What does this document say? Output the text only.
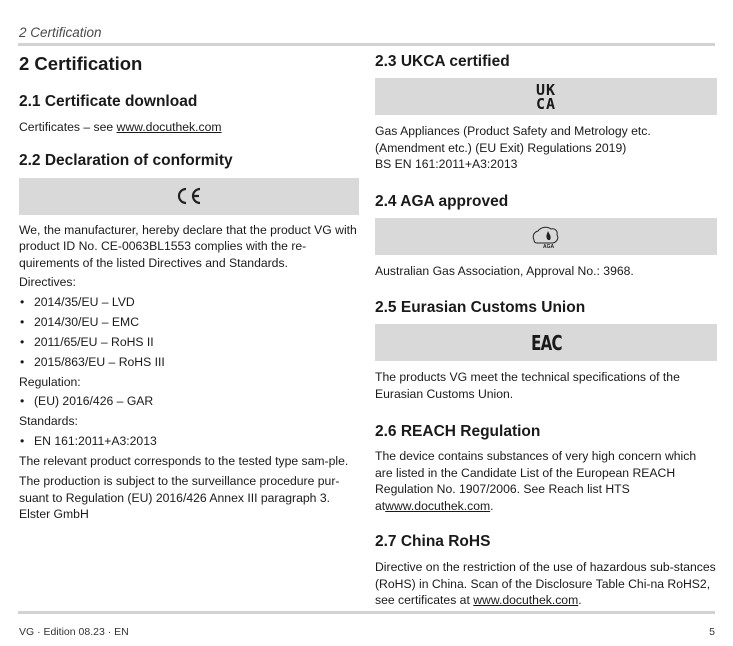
2 Certification
2 Certification
2.1 Certificate download

Certificates – see www.docuthek.com

2.2 Declaration of conformity

We, the manufacturer, hereby declare that the product VG with product ID No. CE-0063BL1553 complies with the re-quirements of the listed Directives and Standards.

Directives:

• 2014/35/EU – LVD
• 2014/30/EU – EMC
• 2011/65/EU – RoHS II
• 2015/863/EU – RoHS III

Regulation:

• (EU) 2016/426 – GAR

Standards:

• EN 161:2011+A3:2013

The relevant product corresponds to the tested type sam-ple.

The production is subject to the surveillance procedure pur-suant to Regulation (EU) 2016/426 Annex III paragraph 3.

Elster GmbH

2.3 UKCA certified
UK
CA

Gas Appliances (Product Safety and Metrology etc. (Amendment etc.) (EU Exit) Regulations 2019)

BS EN 161:2011+A3:2013

2.4 AGA approved
AGA

Australian Gas Association, Approval No.: 3968.

2.5 Eurasian Customs Union
ЕАС

The products VG meet the technical specifications of the Eurasian Customs Union.

2.6 REACH Regulation

The device contains substances of very high concern which are listed in the Candidate List of the European REACH Regulation No. 1907/2006. See Reach list HTS atwww.docuthek.com.

2.7 China RoHS

Directive on the restriction of the use of hazardous sub-stances (RoHS) in China. Scan of the Disclosure Table Chi-na RoHS2, see certificates at www.docuthek.com.

VG · Edition 08.23 · EN	5
